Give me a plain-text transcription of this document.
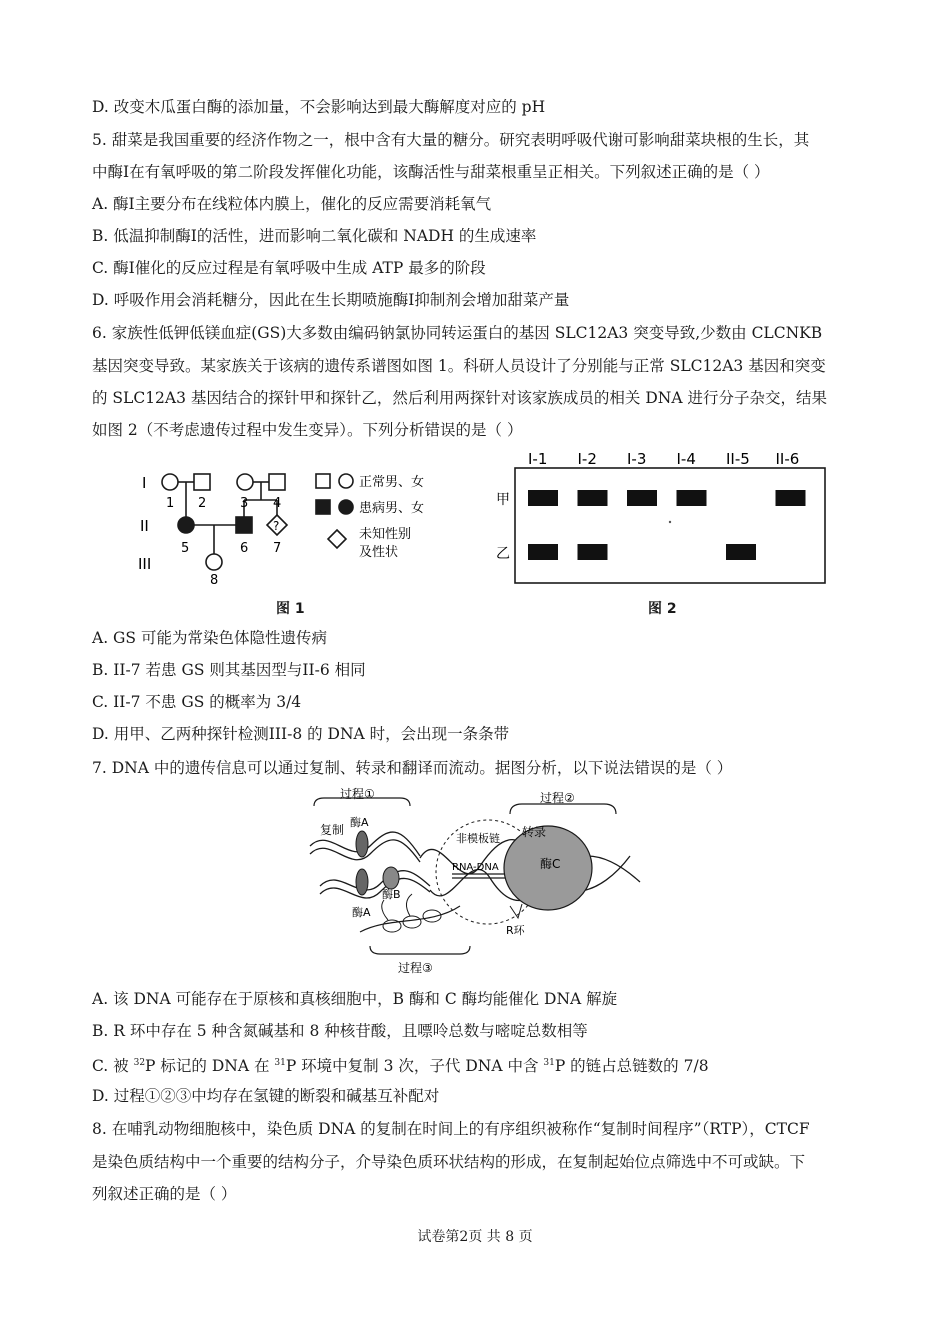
D. 改变木瓜蛋白酶的添加量，不会影响达到最大酶解度对应的 pH
5. 甜菜是我国重要的经济作物之一，根中含有大量的糖分。研究表明呼吸代谢可影响甜菜块根的生长，其
中酶I在有氧呼吸的第二阶段发挥催化功能，该酶活性与甜菜根重呈正相关。下列叙述正确的是（ ）
A. 酶I主要分布在线粒体内膜上，催化的反应需要消耗氧气
B. 低温抑制酶I的活性，进而影响二氧化碳和 NADH 的生成速率
C. 酶I催化的反应过程是有氧呼吸中生成 ATP 最多的阶段
D. 呼吸作用会消耗糖分，因此在生长期喷施酶I抑制剂会增加甜菜产量
6. 家族性低钾低镁血症(GS)大多数由编码钠氯协同转运蛋白的基因 SLC12A3 突变导致,少数由 CLCNKB
基因突变导致。某家族关于该病的遗传系谱图如图 1。科研人员设计了分别能与正常 SLC12A3 基因和突变
的 SLC12A3 基因结合的探针甲和探针乙，然后利用两探针对该家族成员的相关 DNA 进行分子杂交，结果
如图 2（不考虑遗传过程中发生变异）。下列分析错误的是（ ）
I
II
III
1 2	3 4
5	6 7
8
?
正常男、女
患病男、女
未知性别
及性状
图 1
I-1 I-2 I-3 I-4 II-5 II-6
甲
乙
图 2
A. GS 可能为常染色体隐性遗传病
B. II-7 若患 GS 则其基因型与II-6 相同
C. II-7 不患 GS 的概率为 3/4
D. 用甲、乙两种探针检测III-8 的 DNA 时，会出现一条条带
7. DNA 中的遗传信息可以通过复制、转录和翻译而流动。据图分析，以下说法错误的是（ ）
过程①	过程②
过程③
复制
酶A
酶A
酶B
酶C
非模板链 转录
RNA-DNA
R环
A. 该 DNA 可能存在于原核和真核细胞中，B 酶和 C 酶均能催化 DNA 解旋
B. R 环中存在 5 种含氮碱基和 8 种核苷酸，且嘌呤总数与嘧啶总数相等
C. 被 $^{32}$P 标记的 DNA 在 $^{31}$P 环境中复制 3 次，子代 DNA 中含 $^{31}$P 的链占总链数的 7/8
D. 过程①②③中均存在氢键的断裂和碱基互补配对
8. 在哺乳动物细胞核中，染色质 DNA 的复制在时间上的有序组织被称作“复制时间程序”（RTP），CTCF
是染色质结构中一个重要的结构分子，介导染色质环状结构的形成，在复制起始位点筛选中不可或缺。下
列叙述正确的是（ ）
试卷第2页 共 8 页
